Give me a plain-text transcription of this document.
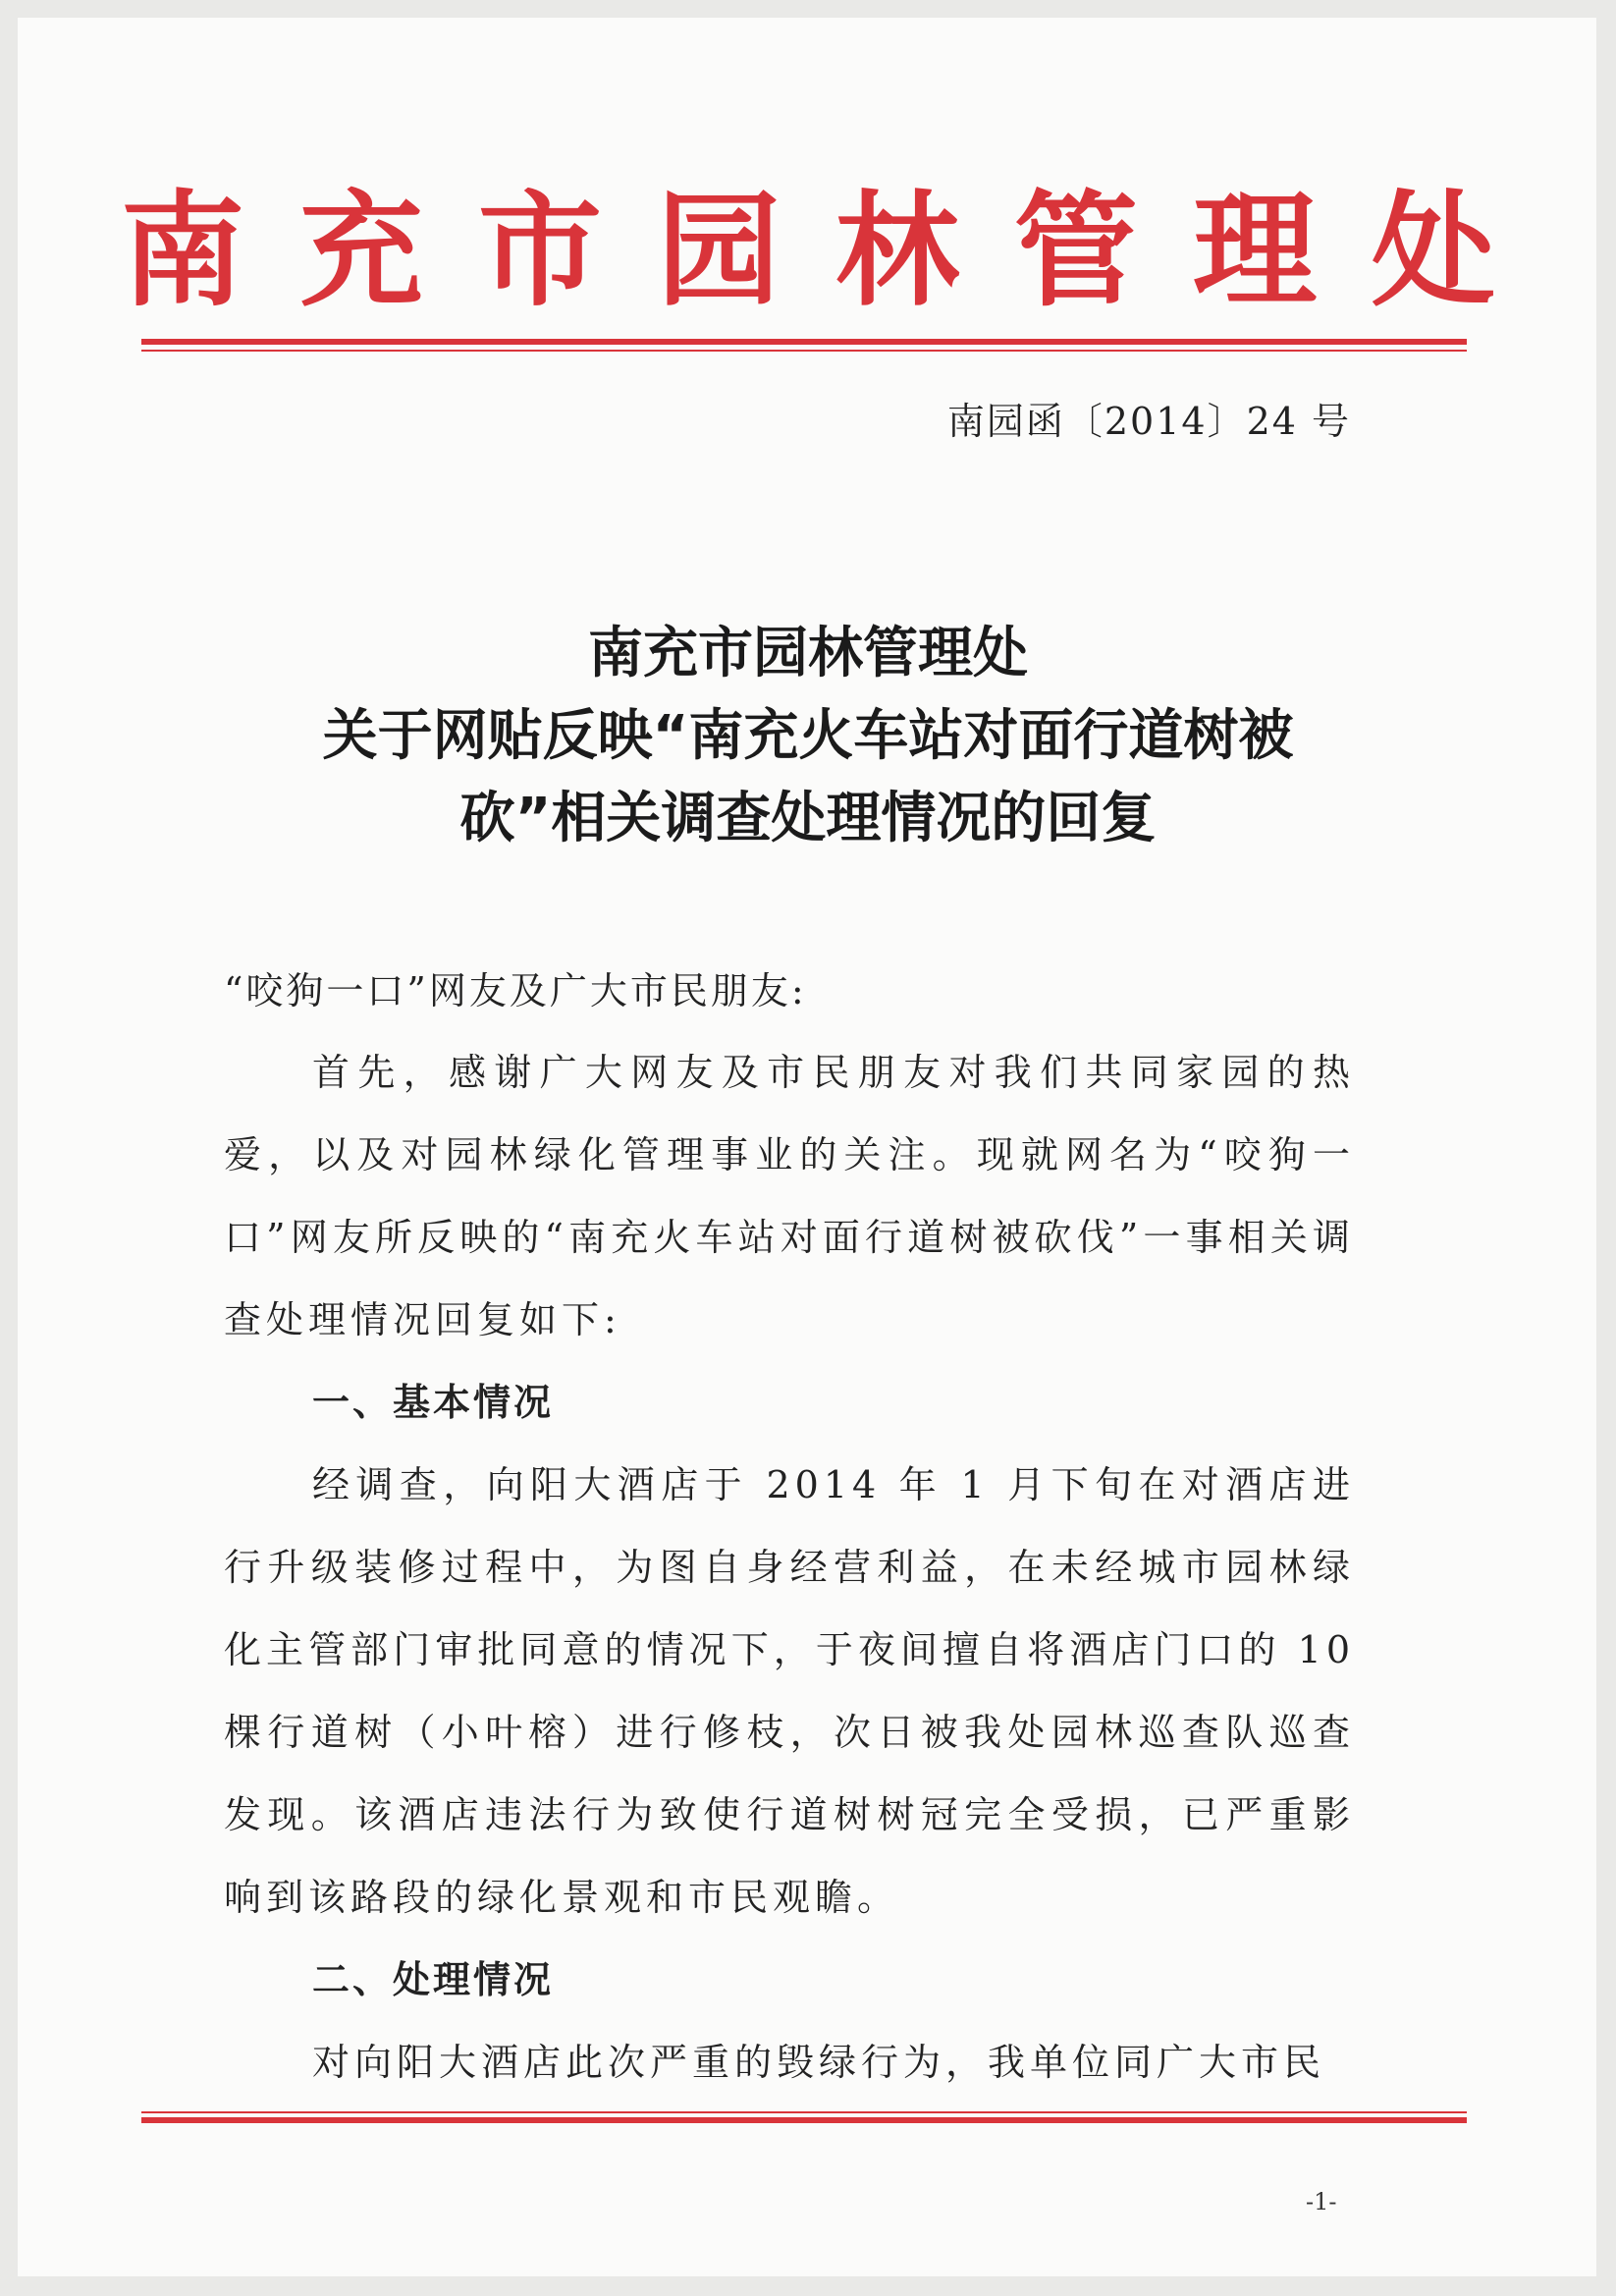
南充市园林管理处
南园函〔2014〕24 号
南充市园林管理处
关于网贴反映“南充火车站对面行道树被
砍”相关调查处理情况的回复
“咬狗一口”网友及广大市民朋友:

首先，感谢广大网友及市民朋友对我们共同家园的热爱，以及对园林绿化管理事业的关注。现就网名为“咬狗一口”网友所反映的“南充火车站对面行道树被砍伐”一事相关调查处理情况回复如下:

一、基本情况

经调查，向阳大酒店于 2014 年 1 月下旬在对酒店进行升级装修过程中，为图自身经营利益，在未经城市园林绿化主管部门审批同意的情况下，于夜间擅自将酒店门口的 10 棵行道树（小叶榕）进行修枝，次日被我处园林巡查队巡查发现。该酒店违法行为致使行道树树冠完全受损，已严重影响到该路段的绿化景观和市民观瞻。

二、处理情况

对向阳大酒店此次严重的毁绿行为，我单位同广大市民

-1-
